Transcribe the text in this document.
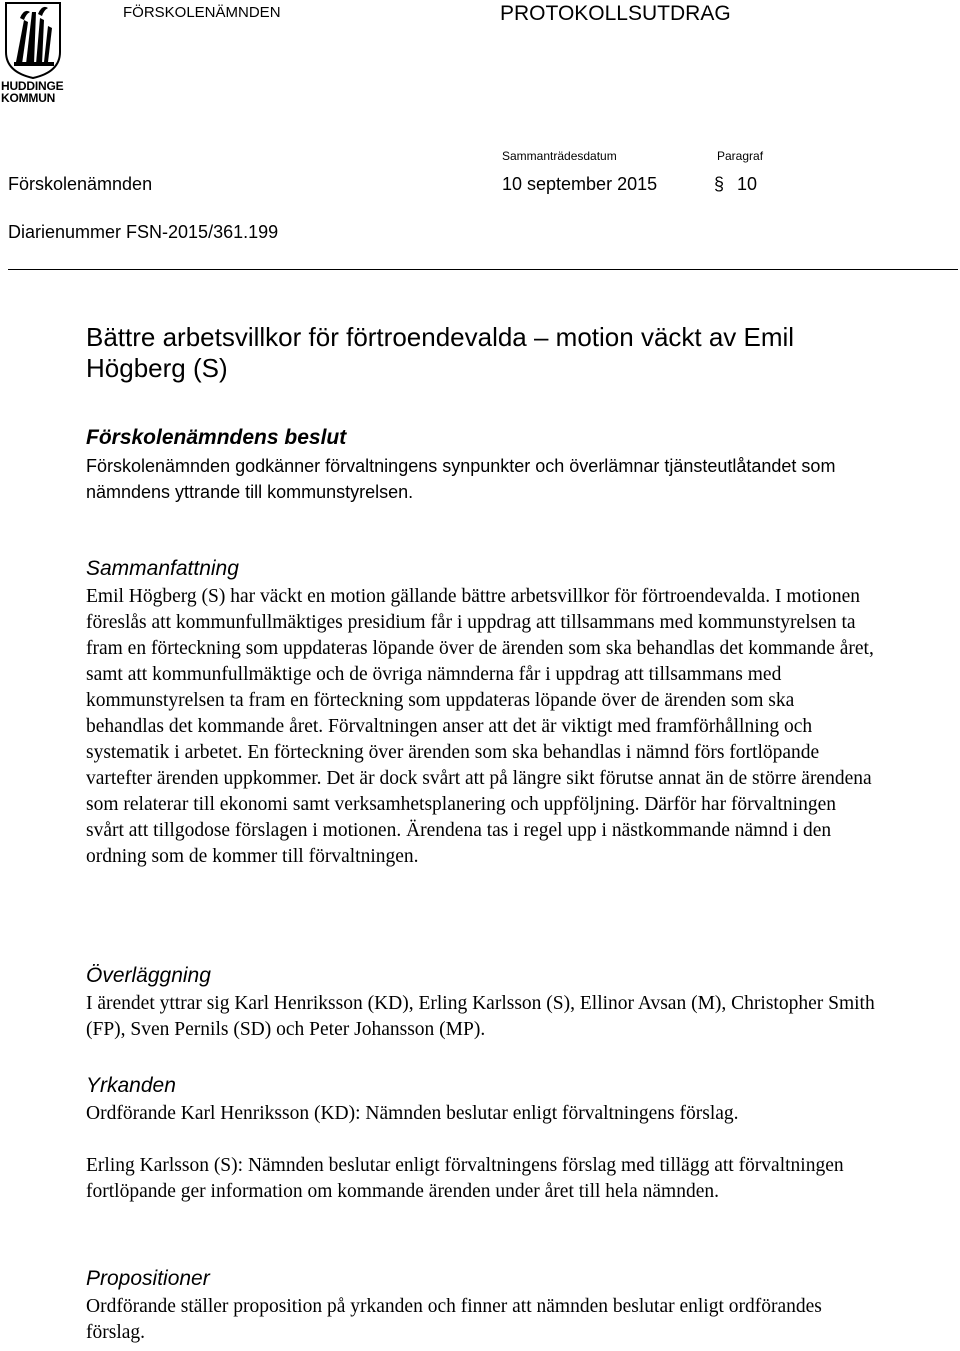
HUDDINGE
KOMMUN
FÖRSKOLENÄMNDEN	PROTOKOLLSUTDRAG
Sammanträdesdatum	Paragraf
Förskolenämnden	10 september 2015	§ 10
Diarienummer FSN-2015/361.199
Bättre arbetsvillkor för förtroendevalda – motion väckt av Emil Högberg (S)
Förskolenämndens beslut

Förskolenämnden godkänner förvaltningens synpunkter och överlämnar tjänsteutlåtandet som nämndens yttrande till kommunstyrelsen.

Sammanfattning

Emil Högberg (S) har väckt en motion gällande bättre arbetsvillkor för förtroendevalda. I motionen föreslås att kommunfullmäktiges presidium får i uppdrag att tillsammans med kommunstyrelsen ta fram en förteckning som uppdateras löpande över de ärenden som ska behandlas det kommande året, samt att kommunfullmäktige och de övriga nämnderna får i uppdrag att tillsammans med kommunstyrelsen ta fram en förteckning som uppdateras löpande över de ärenden som ska behandlas det kommande året. Förvaltningen anser att det är viktigt med framförhållning och systematik i arbetet. En förteckning över ärenden som ska behandlas i nämnd förs fortlöpande vartefter ärenden uppkommer. Det är dock svårt att på längre sikt förutse annat än de större ärendena som relaterar till ekonomi samt verksamhetsplanering och uppföljning. Därför har förvaltningen svårt att tillgodose förslagen i motionen. Ärendena tas i regel upp i nästkommande nämnd i den ordning som de kommer till förvaltningen.

Överläggning

I ärendet yttrar sig Karl Henriksson (KD), Erling Karlsson (S), Ellinor Avsan (M), Christopher Smith (FP), Sven Pernils (SD) och Peter Johansson (MP).

Yrkanden

Ordförande Karl Henriksson (KD): Nämnden beslutar enligt förvaltningens förslag.

Erling Karlsson (S): Nämnden beslutar enligt förvaltningens förslag med tillägg att förvaltningen fortlöpande ger information om kommande ärenden under året till hela nämnden.

Propositioner

Ordförande ställer proposition på yrkanden och finner att nämnden beslutar enligt ordförandes förslag.
